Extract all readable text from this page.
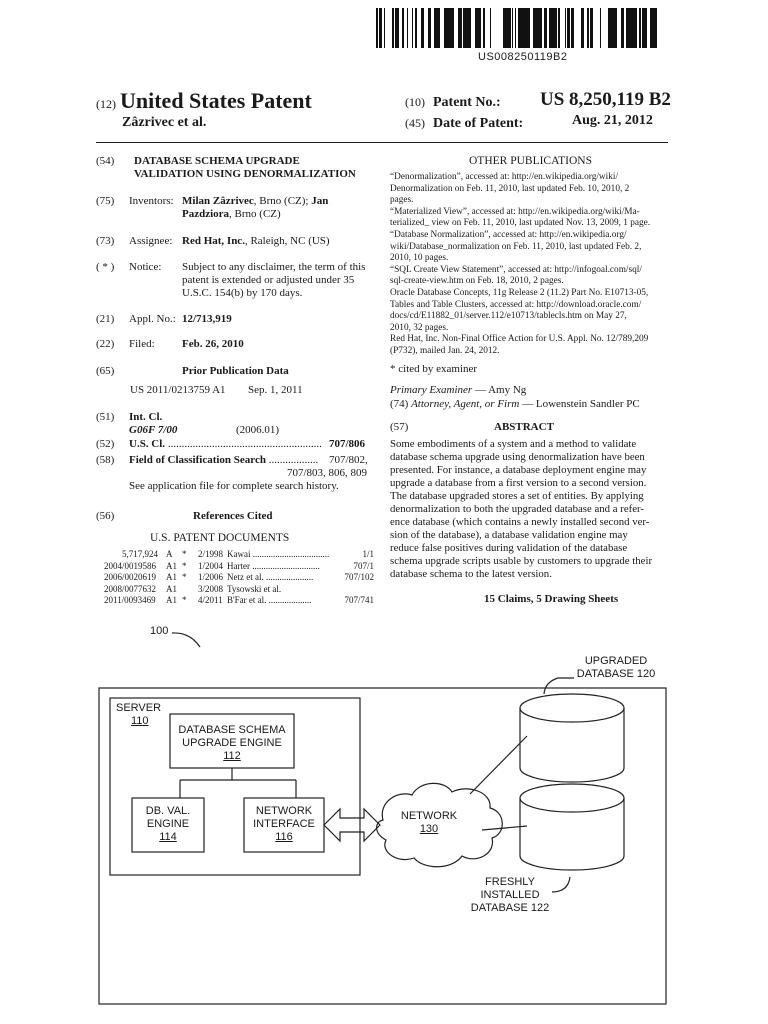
US008250119B2
(12) United States Patent
Zâzrivec et al.
(10) Patent No.: US 8,250,119 B2
(45) Date of Patent:	Aug. 21, 2012
(54) DATABASE SCHEMA UPGRADE
VALIDATION USING DENORMALIZATION
(75) Inventors: Milan Zâzrivec, Brno (CZ); Jan
Pazdziora, Brno (CZ)
(73) Assignee: Red Hat, Inc., Raleigh, NC (US)
( * ) Notice: Subject to any disclaimer, the term of this
patent is extended or adjusted under 35
U.S.C. 154(b) by 170 days.
(21) Appl. No.: 12/713,919
(22) Filed: Feb. 26, 2010
(65)	Prior Publication Data
US 2011/0213759 A1 Sep. 1, 2011
(51) Int. Cl.
G06F 7/00	(2006.01)
(52) U.S. Cl. ........................................................ 707/806
(58) Field of Classification Search .................. 707/802,
707/803, 806, 809
See application file for complete search history.
(56)	References Cited
U.S. PATENT DOCUMENTS
5,717,924 A * 2/1998 Kawai ..................................	1/1
2004/0019586 A1 * 1/2004 Harter ..............................	707/1
2006/0020619 A1 * 1/2006 Netz et al. .....................	707/102
2008/0077632 A1 3/2008 Tysowski et al.
2011/0093469 A1 * 4/2011 B'Far et al. ...................	707/741
OTHER PUBLICATIONS
“Denormalization”, accessed at: http://en.wikipedia.org/wiki/
Denormalization on Feb. 11, 2010, last updated Feb. 10, 2010, 2
pages.
“Materialized View”, accessed at: http://en.wikipedia.org/wiki/Ma-
terialized_ view on Feb. 11, 2010, last updated Nov. 13, 2009, 1 page.
“Database Normalization”, accessed at: http://en.wikipedia.org/
wiki/Database_normalization on Feb. 11, 2010, last updated Feb. 2,
2010, 10 pages.
“SQL Create View Statement”, accessed at: http://infogoal.com/sql/
sql-create-view.htm on Feb. 18, 2010, 2 pages.
Oracle Database Concepts, 11g Release 2 (11.2) Part No. E10713-05,
Tables and Table Clusters, accessed at: http://download.oracle.com/
docs/cd/E11882_01/server.112/e10713/tablecls.htm on May 27,
2010, 32 pages.
Red Hat, Inc. Non-Final Office Action for U.S. Appl. No. 12/789,209
(P732), mailed Jan. 24, 2012.
* cited by examiner
Primary Examiner — Amy Ng
(74) Attorney, Agent, or Firm — Lowenstein Sandler PC
(57)	ABSTRACT
Some embodiments of a system and a method to validate
database schema upgrade using denormalization have been
presented. For instance, a database deployment engine may
upgrade a database from a first version to a second version.
The database upgraded stores a set of entities. By applying
denormalization to both the upgraded database and a refer-
ence database (which contains a newly installed second ver-
sion of the database), a database validation engine may
reduce false positives during validation of the database
schema upgrade scripts usable by customers to upgrade their
database schema to the latest version.
15 Claims, 5 Drawing Sheets
100
SERVER
110
DATABASE SCHEMA
UPGRADE ENGINE
112
DB. VAL.
ENGINE
114
NETWORK
INTERFACE
116
NETWORK
130
UPGRADED
DATABASE 120
FRESHLY
INSTALLED
DATABASE 122
